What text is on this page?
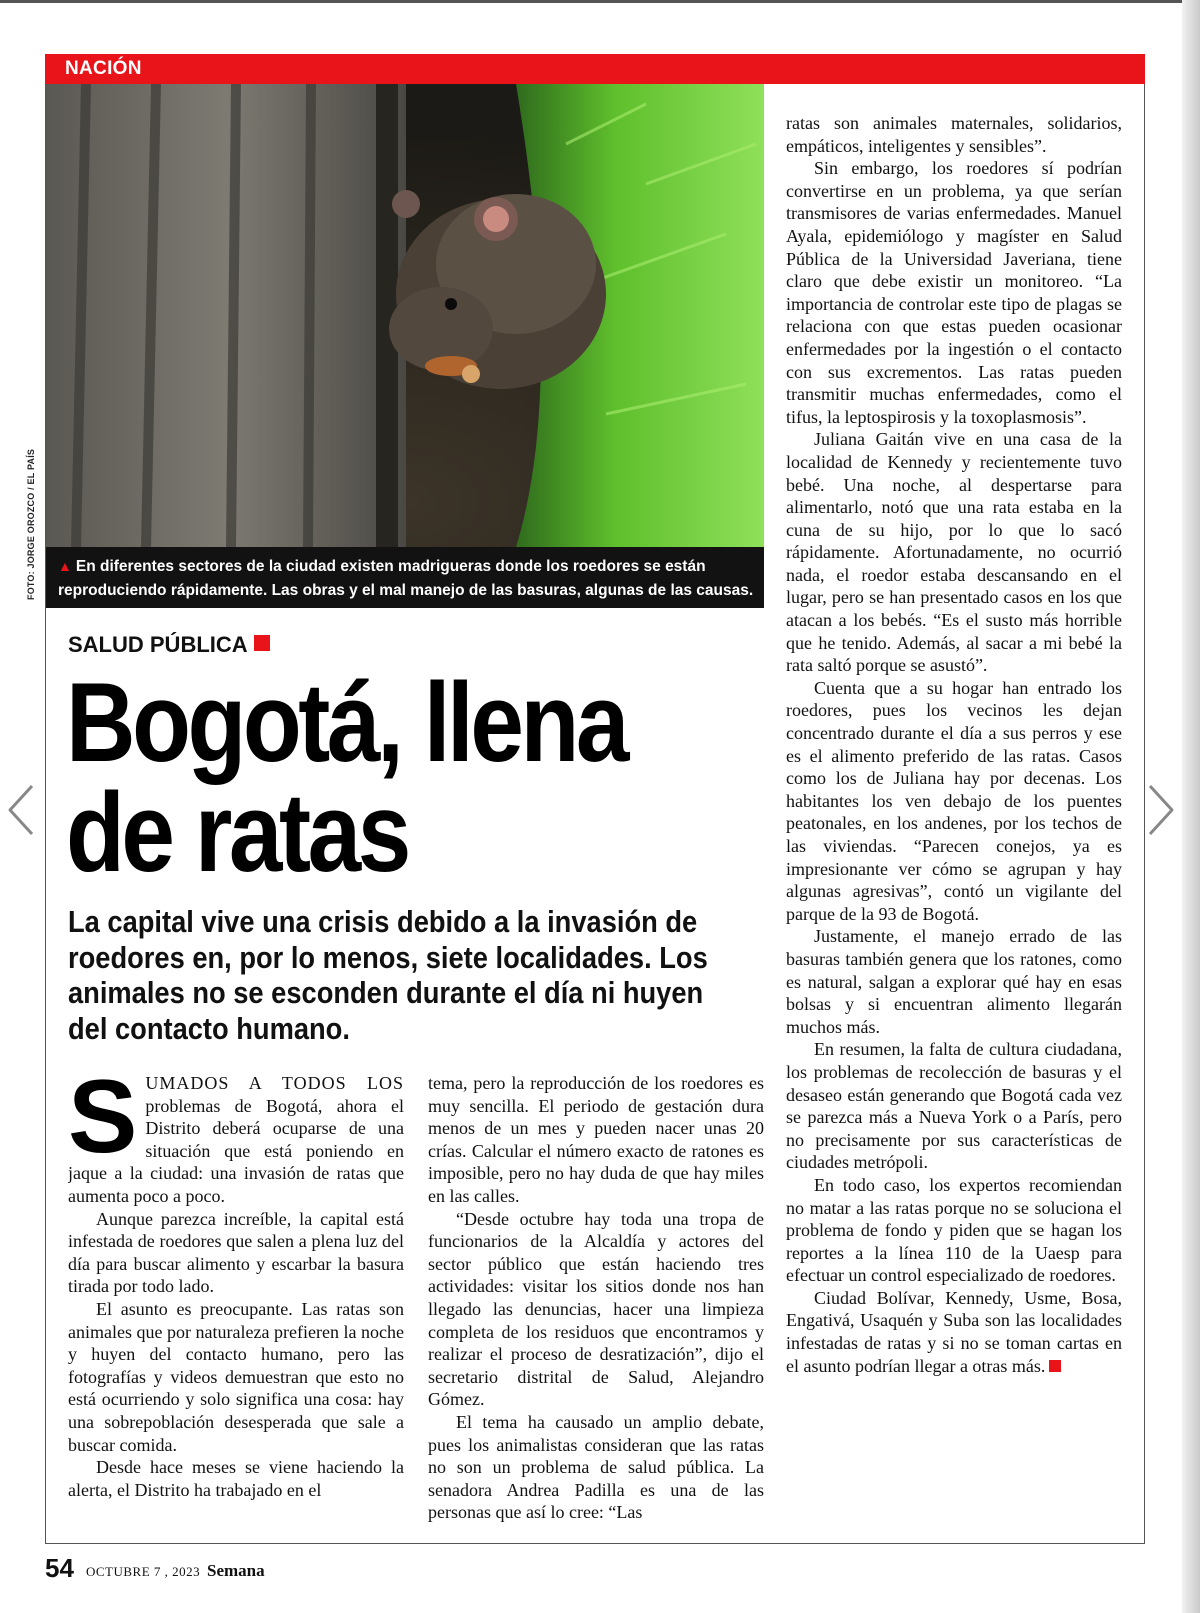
NACIÓN
▲ En diferentes sectores de la ciudad existen madrigueras donde los roedores se están reproduciendo rápidamente. Las obras y el mal manejo de las basuras, algunas de las causas.
FOTO: JORGE OROZCO / EL PAÍS
SALUD PÚBLICA
Bogotá, llena
de ratas
La capital vive una crisis debido a la invasión de roedores en, por lo menos, siete localidades. Los animales no se esconden durante el día ni huyen del contacto humano.

SUMADOS A TODOS LOS problemas de Bogotá, ahora el Distrito deberá ocuparse de una situación que está poniendo en jaque a la ciudad: una invasión de ratas que aumenta poco a poco.

Aunque parezca increíble, la capital está infestada de roedores que salen a plena luz del día para buscar alimento y escarbar la basura tirada por todo lado.

El asunto es preocupante. Las ratas son animales que por naturaleza prefieren la noche y huyen del contacto humano, pero las fotografías y videos demuestran que esto no está ocurriendo y solo significa una cosa: hay una sobrepoblación desesperada que sale a buscar comida.

Desde hace meses se viene haciendo la alerta, el Distrito ha trabajado en el

tema, pero la reproducción de los roedores es muy sencilla. El periodo de gestación dura menos de un mes y pueden nacer unas 20 crías. Calcular el número exacto de ratones es imposible, pero no hay duda de que hay miles en las calles.

“Desde octubre hay toda una tropa de funcionarios de la Alcaldía y actores del sector público que están haciendo tres actividades: visitar los sitios donde nos han llegado las denuncias, hacer una limpieza completa de los residuos que encontramos y realizar el proceso de desratización”, dijo el secretario distrital de Salud, Alejandro Gómez.

El tema ha causado un amplio debate, pues los animalistas consideran que las ratas no son un problema de salud pública. La senadora Andrea Padilla es una de las personas que así lo cree: “Las

ratas son animales maternales, solidarios, empáticos, inteligentes y sensibles”.

Sin embargo, los roedores sí podrían convertirse en un problema, ya que serían transmisores de varias enfermedades. Manuel Ayala, epidemiólogo y magíster en Salud Pública de la Universidad Javeriana, tiene claro que debe existir un monitoreo. “La importancia de controlar este tipo de plagas se relaciona con que estas pueden ocasionar enfermedades por la ingestión o el contacto con sus excrementos. Las ratas pueden transmitir muchas enfermedades, como el tifus, la leptospirosis y la toxoplasmosis”.

Juliana Gaitán vive en una casa de la localidad de Kennedy y recientemente tuvo bebé. Una noche, al despertarse para alimentarlo, notó que una rata estaba en la cuna de su hijo, por lo que lo sacó rápidamente. Afortunadamente, no ocurrió nada, el roedor estaba descansando en el lugar, pero se han presentado casos en los que atacan a los bebés. “Es el susto más horrible que he tenido. Además, al sacar a mi bebé la rata saltó porque se asustó”.

Cuenta que a su hogar han entrado los roedores, pues los vecinos les dejan concentrado durante el día a sus perros y ese es el alimento preferido de las ratas. Casos como los de Juliana hay por decenas. Los habitantes los ven debajo de los puentes peatonales, en los andenes, por los techos de las viviendas. “Parecen conejos, ya es impresionante ver cómo se agrupan y hay algunas agresivas”, contó un vigilante del parque de la 93 de Bogotá.

Justamente, el manejo errado de las basuras también genera que los ratones, como es natural, salgan a explorar qué hay en esas bolsas y si encuentran alimento llegarán muchos más.

En resumen, la falta de cultura ciudadana, los problemas de recolección de basuras y el desaseo están generando que Bogotá cada vez se parezca más a Nueva York o a París, pero no precisamente por sus características de ciudades metrópoli.

En todo caso, los expertos recomiendan no matar a las ratas porque no se soluciona el problema de fondo y piden que se hagan los reportes a la línea 110 de la Uaesp para efectuar un control especializado de roedores.

Ciudad Bolívar, Kennedy, Usme, Bosa, Engativá, Usaquén y Suba son las localidades infestadas de ratas y si no se toman cartas en el asunto podrían llegar a otras más.

54 OCTUBRE 7 , 2023 Semana
